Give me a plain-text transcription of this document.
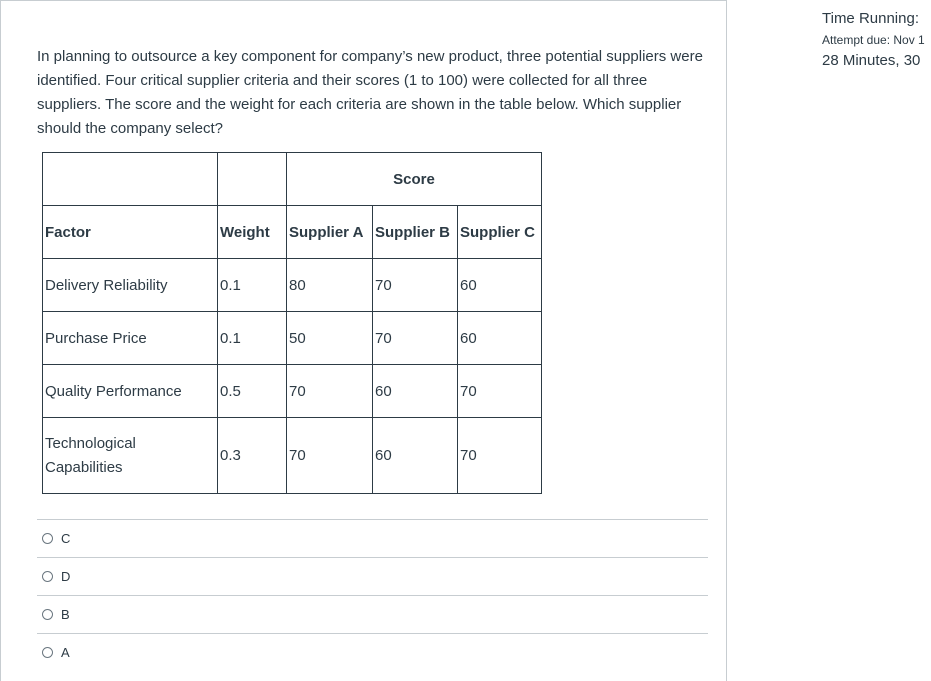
In planning to outsource a key component for company’s new product, three potential suppliers were identified. Four critical supplier criteria and their scores (1 to 100) were collected for all three suppliers. The score and the weight for each criteria are shown in the table below. Which supplier should the company select?
		Score		
Factor	Weight	Supplier A	Supplier B	Supplier C
Delivery Reliability	0.1	80	70	60
Purchase Price	0.1	50	70	60
Quality Performance	0.5	70	60	70
Technological Capabilities	0.3	70	60	70
C
D
B
A
Time Running:
Attempt due: Nov 1
28 Minutes, 30
